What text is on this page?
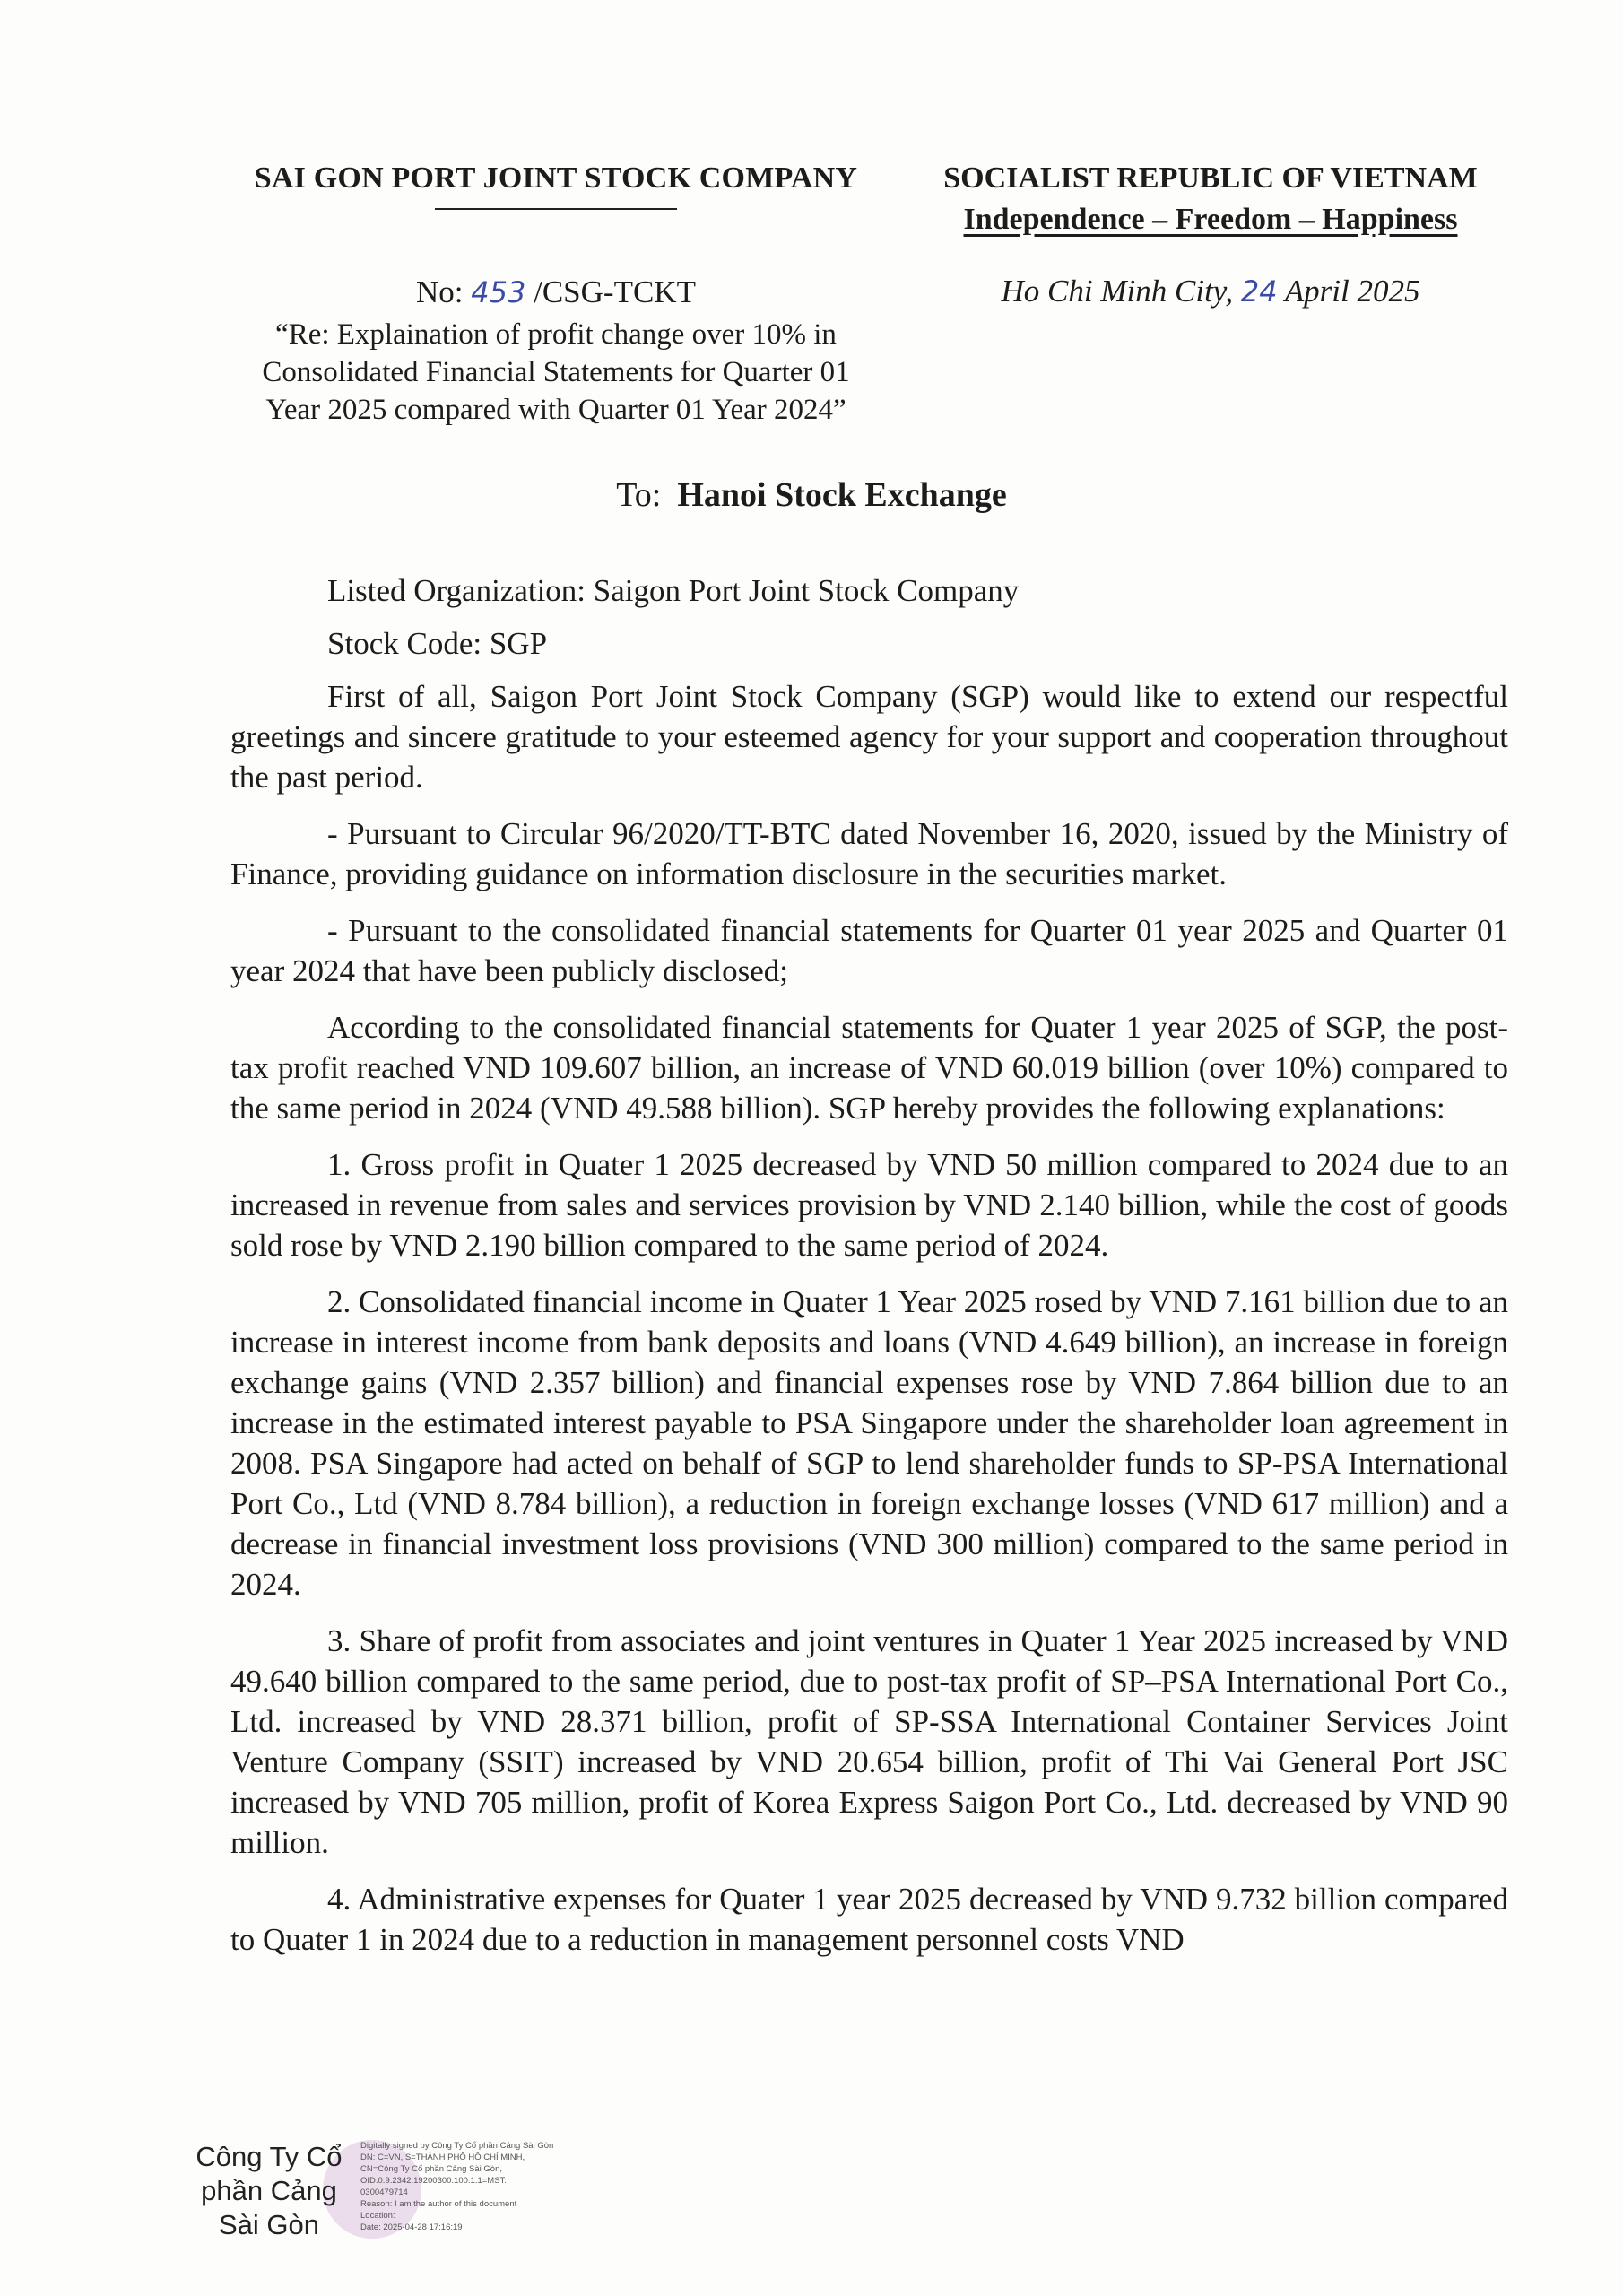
SAI GON PORT JOINT STOCK COMPANY	SOCIALIST REPUBLIC OF VIETNAM
Independence – Freedom – Happiness
No: 453 /CSG-TCKT
“Re: Explaination of profit change over 10% in
Consolidated Financial Statements for Quarter 01
Year 2025 compared with Quarter 01 Year 2024”
Ho Chi Minh City, 24 April 2025
To: Hanoi Stock Exchange

Listed Organization: Saigon Port Joint Stock Company

Stock Code: SGP

First of all, Saigon Port Joint Stock Company (SGP) would like to extend our respectful greetings and sincere gratitude to your esteemed agency for your support and cooperation throughout the past period.

- Pursuant to Circular 96/2020/TT-BTC dated November 16, 2020, issued by the Ministry of Finance, providing guidance on information disclosure in the securities market.

- Pursuant to the consolidated financial statements for Quarter 01 year 2025 and Quarter 01 year 2024 that have been publicly disclosed;

According to the consolidated financial statements for Quater 1 year 2025 of SGP, the post-tax profit reached VND 109.607 billion, an increase of VND 60.019 billion (over 10%) compared to the same period in 2024 (VND 49.588 billion). SGP hereby provides the following explanations:

1. Gross profit in Quater 1 2025 decreased by VND 50 million compared to 2024 due to an increased in revenue from sales and services provision by VND 2.140 billion, while the cost of goods sold rose by VND 2.190 billion compared to the same period of 2024.

2. Consolidated financial income in Quater 1 Year 2025 rosed by VND 7.161 billion due to an increase in interest income from bank deposits and loans (VND 4.649 billion), an increase in foreign exchange gains (VND 2.357 billion) and financial expenses rose by VND 7.864 billion due to an increase in the estimated interest payable to PSA Singapore under the shareholder loan agreement in 2008. PSA Singapore had acted on behalf of SGP to lend shareholder funds to SP-PSA International Port Co., Ltd (VND 8.784 billion), a reduction in foreign exchange losses (VND 617 million) and a decrease in financial investment loss provisions (VND 300 million) compared to the same period in 2024.

3. Share of profit from associates and joint ventures in Quater 1 Year 2025 increased by VND 49.640 billion compared to the same period, due to post-tax profit of SP–PSA International Port Co., Ltd. increased by VND 28.371 billion, profit of SP-SSA International Container Services Joint Venture Company (SSIT) increased by VND 20.654 billion, profit of Thi Vai General Port JSC increased by VND 705 million, profit of Korea Express Saigon Port Co., Ltd. decreased by VND 90 million.

4. Administrative expenses for Quater 1 year 2025 decreased by VND 9.732 billion compared to Quater 1 in 2024 due to a reduction in management personnel costs VND

Công Ty Cổ
phần Cảng
Sài Gòn
Digitally signed by Công Ty Cổ phần Cảng Sài Gòn
DN: C=VN, S=THÀNH PHỐ HỒ CHÍ MINH,
CN=Công Ty Cổ phần Cảng Sài Gòn,
OID.0.9.2342.19200300.100.1.1=MST:
0300479714
Reason: I am the author of this document
Location:
Date: 2025-04-28 17:16:19
